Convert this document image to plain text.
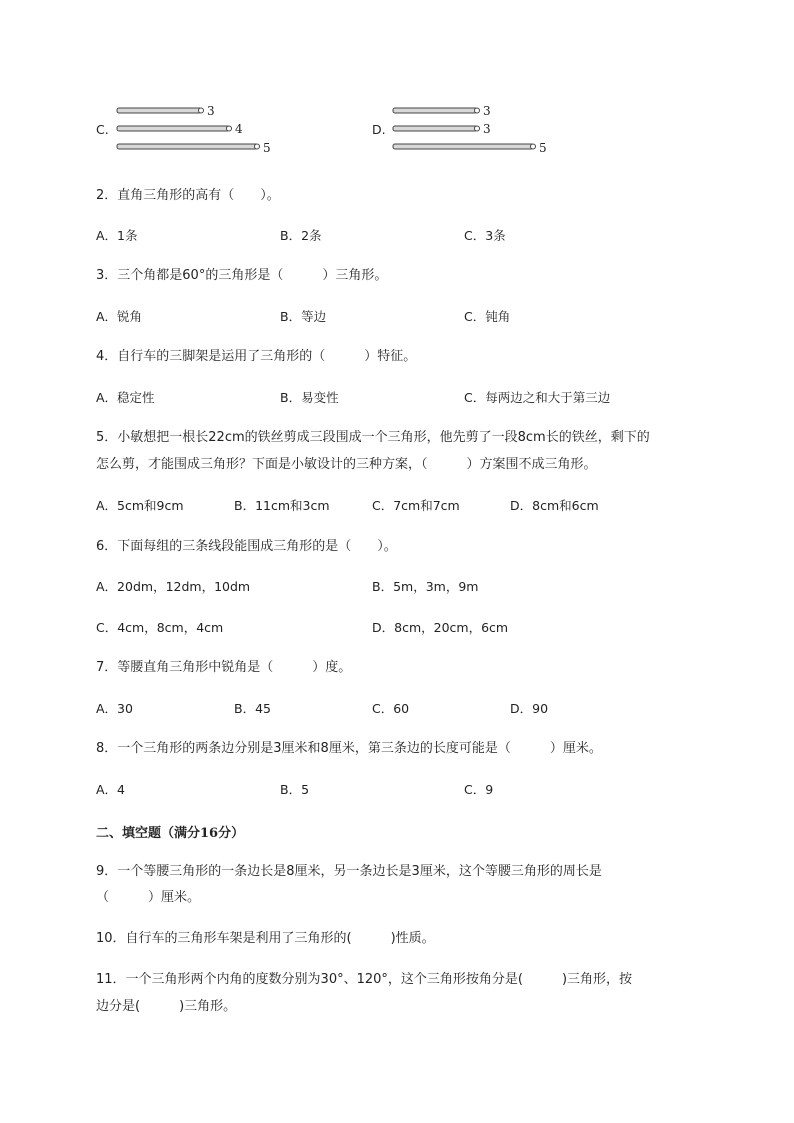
C.
3
4
5
D.
3
3
5
2．直角三角形的高有（　　）。
A．1条	B．2条	C．3条
3．三个角都是60°的三角形是（　　　）三角形。
A．锐角	B．等边	C．钝角
4．自行车的三脚架是运用了三角形的（　　　）特征。
A．稳定性	B．易变性	C．每两边之和大于第三边
5．小敏想把一根长22cm的铁丝剪成三段围成一个三角形，他先剪了一段8cm长的铁丝，剩下的
怎么剪，才能围成三角形？下面是小敏设计的三种方案，（　　　）方案围不成三角形。
A．5cm和9cm	B．11cm和3cm	C．7cm和7cm	D．8cm和6cm
6．下面每组的三条线段能围成三角形的是（　　）。
A．20dm，12dm，10dm	B．5m，3m，9m
C．4cm，8cm，4cm	D．8cm，20cm，6cm
7．等腰直角三角形中锐角是（　　　）度。
A．30	B．45	C．60	D．90
8．一个三角形的两条边分别是3厘米和8厘米，第三条边的长度可能是（　　　）厘米。
A．4	B．5	C．9
二、填空题（满分16分）
9．一个等腰三角形的一条边长是8厘米，另一条边长是3厘米，这个等腰三角形的周长是
（　　　）厘米。
10．自行车的三角形车架是利用了三角形的(　　　)性质。
11．一个三角形两个内角的度数分别为30°、120°，这个三角形按角分是(　　　)三角形，按
边分是(　　　)三角形。
